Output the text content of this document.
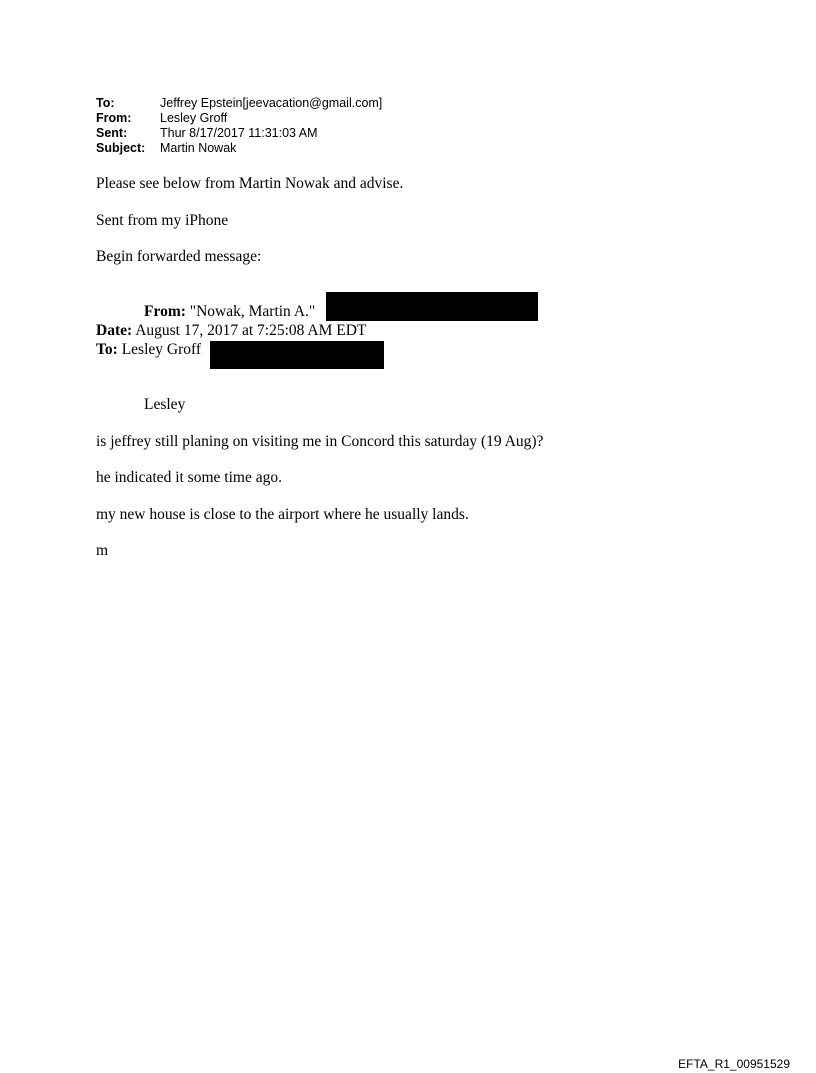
To:	Jeffrey Epstein[jeevacation@gmail.com]
From: Lesley Groff
Sent:	Thur 8/17/2017 11:31:03 AM
Subject: Martin Nowak
Please see below from Martin Nowak and advise.
Sent from my iPhone
Begin forwarded message:
From: "Nowak, Martin A."
Date: August 17, 2017 at 7:25:08 AM EDT
To: Lesley Groff
Lesley
is jeffrey still planing on visiting me in Concord this saturday (19 Aug)?
he indicated it some time ago.
my new house is close to the airport where he usually lands.
m
EFTA_R1_00951529
